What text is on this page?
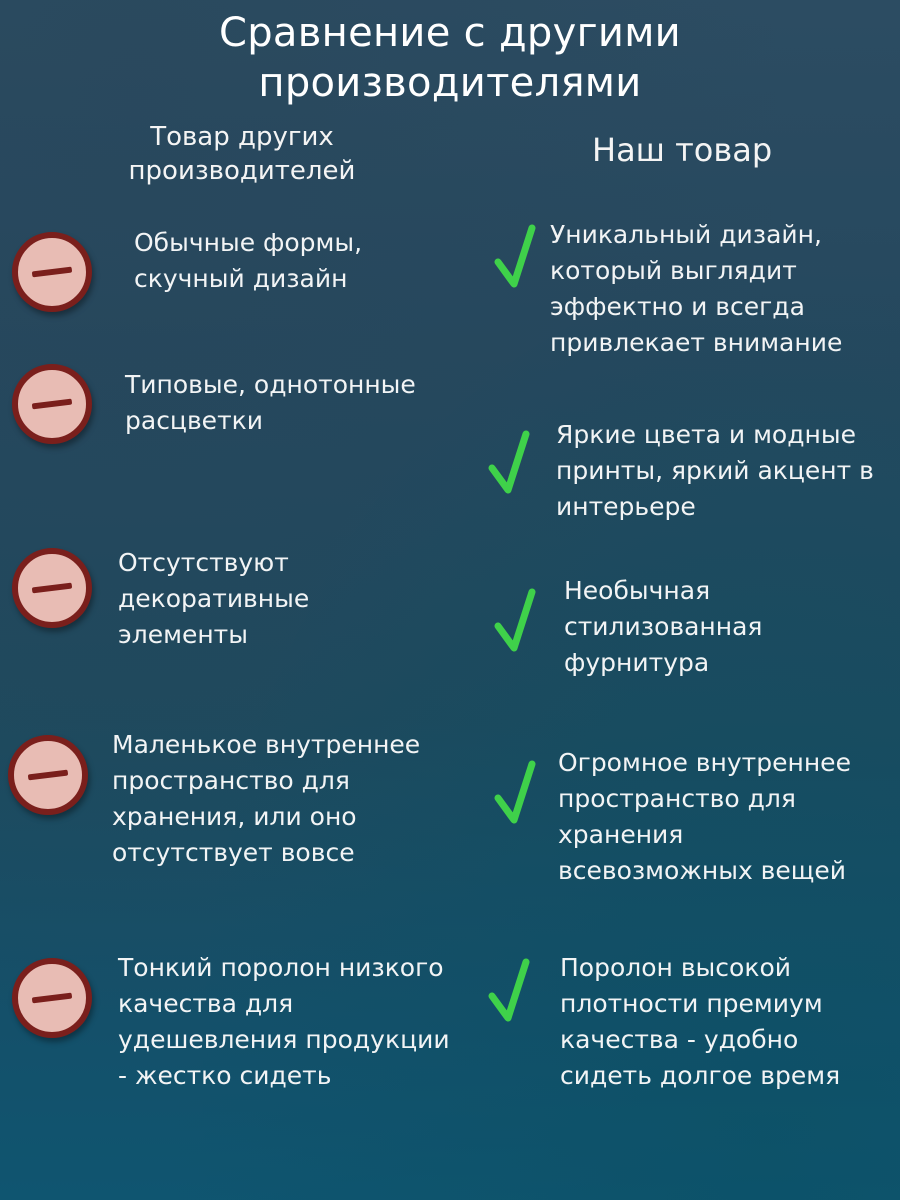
Сравнение с другими
производителями
Товар других
производителей
Наш товар
Обычные формы,
скучный дизайн
Типовые, однотонные
расцветки
Отсутствуют
декоративные
элементы
Маленькое внутреннее
пространство для
хранения, или оно
отсутствует вовсе
Тонкий поролон низкого
качества для
удешевления продукции
- жестко сидеть
Уникальный дизайн,
который выглядит
эффектно и всегда
привлекает внимание
Яркие цвета и модные
принты, яркий акцент в
интерьере
Необычная
стилизованная
фурнитура
Огромное внутреннее
пространство для
хранения
всевозможных вещей
Поролон высокой
плотности премиум
качества - удобно
сидеть долгое время
